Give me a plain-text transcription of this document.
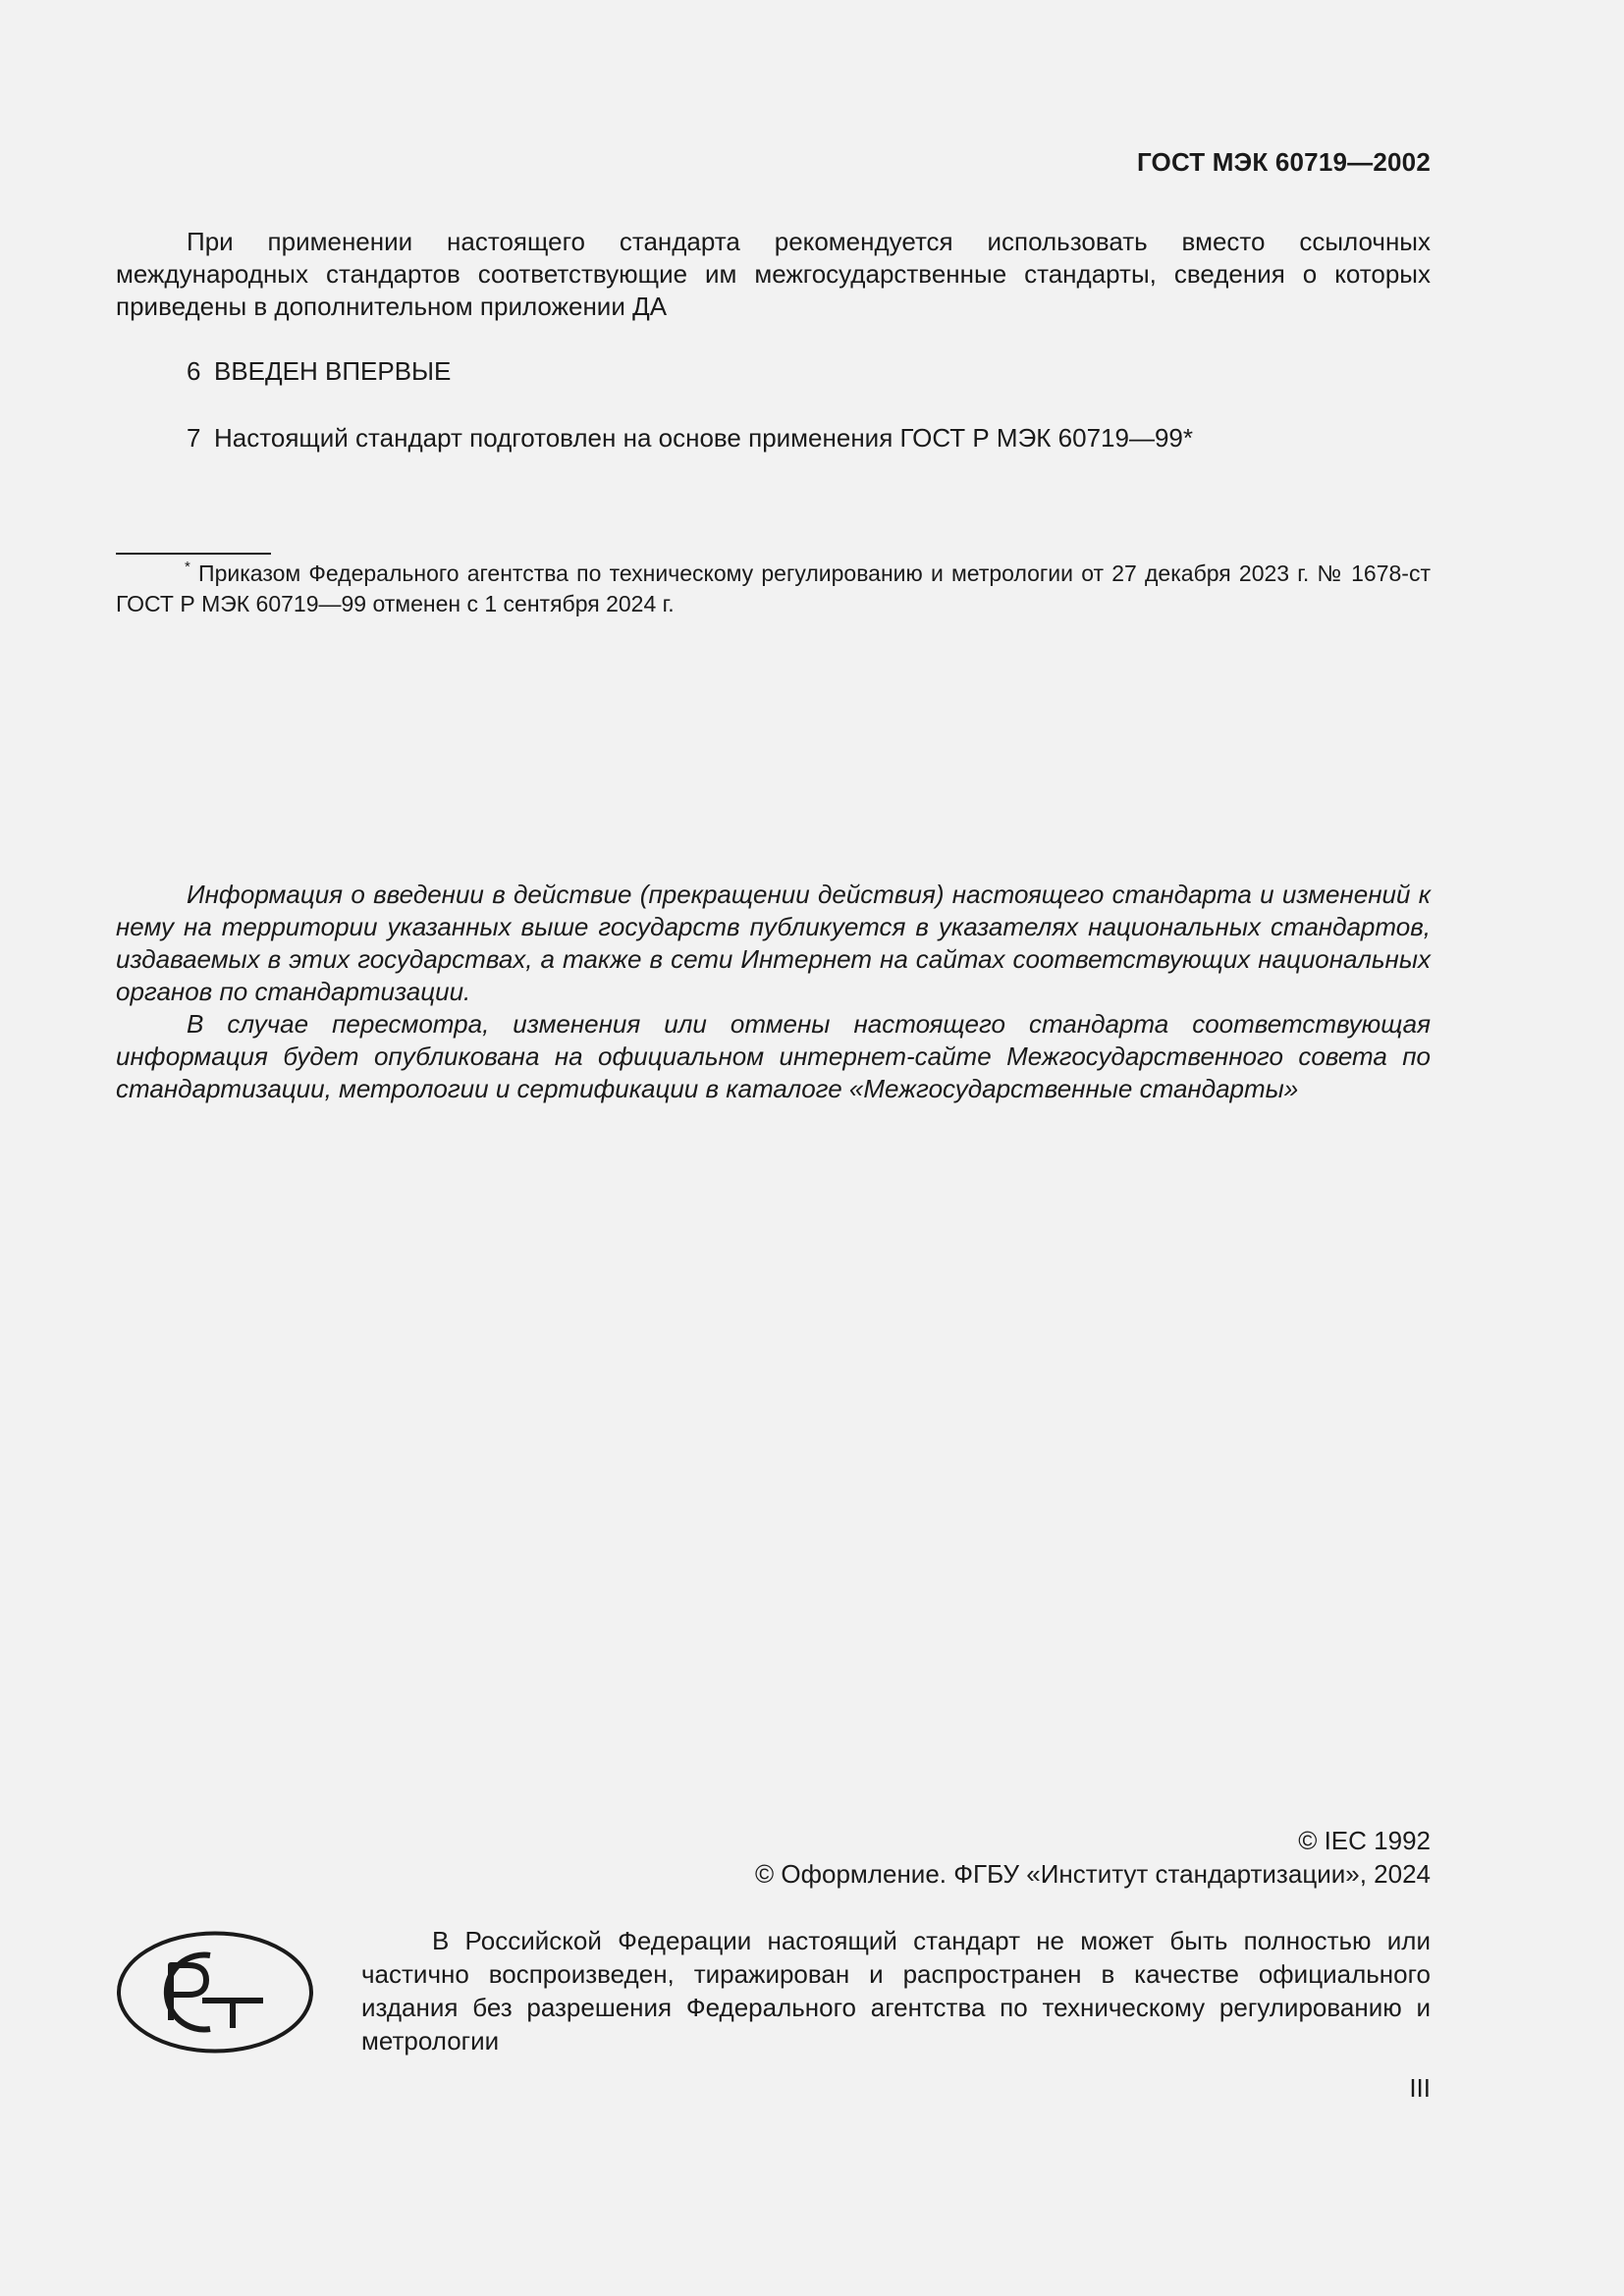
ГОСТ МЭК 60719—2002

При применении настоящего стандарта рекомендуется использовать вместо ссылочных международных стандартов соответствующие им межгосударственные стандарты, сведения о которых приведены в дополнительном приложении ДА

6 ВВЕДЕН ВПЕРВЫЕ

7 Настоящий стандарт подготовлен на основе применения ГОСТ Р МЭК 60719—99*

* Приказом Федерального агентства по техническому регулированию и метрологии от 27 декабря 2023 г. № 1678-ст ГОСТ Р МЭК 60719—99 отменен с 1 сентября 2024 г.

Информация о введении в действие (прекращении действия) настоящего стандарта и изменений к нему на территории указанных выше государств публикуется в указателях национальных стандартов, издаваемых в этих государствах, а также в сети Интернет на сайтах соответствующих национальных органов по стандартизации.

В случае пересмотра, изменения или отмены настоящего стандарта соответствующая информация будет опубликована на официальном интернет-сайте Межгосударственного совета по стандартизации, метрологии и сертификации в каталоге «Межгосударственные стандарты»

© IEC 1992
© Оформление. ФГБУ «Институт стандартизации», 2024

В Российской Федерации настоящий стандарт не может быть полностью или частично воспроизведен, тиражирован и распространен в качестве официального издания без разрешения Федерального агентства по техническому регулированию и метрологии

III
